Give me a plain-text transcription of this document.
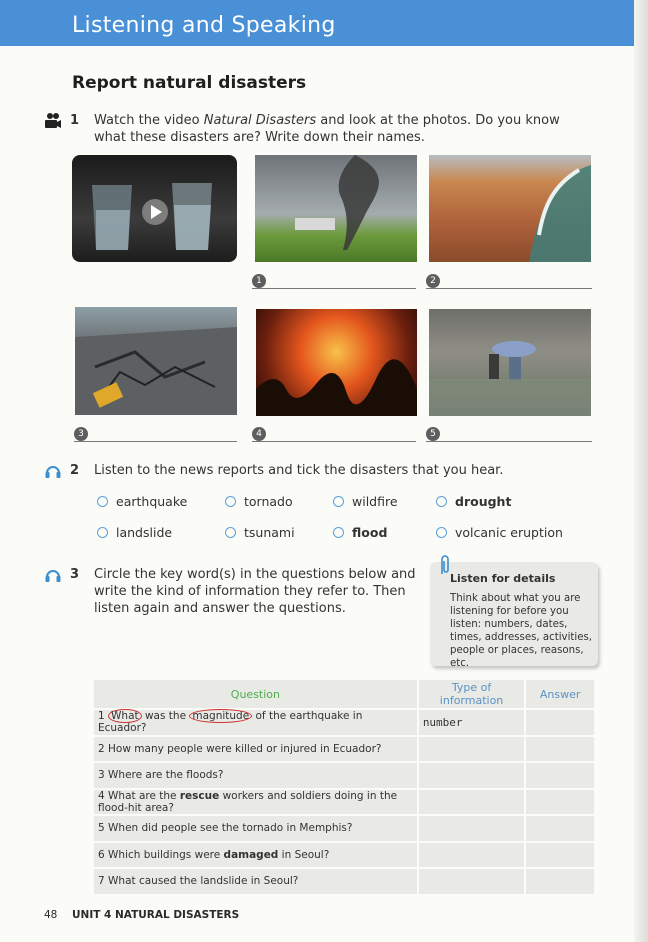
Listening and Speaking
Report natural disasters
1 Watch the video Natural Disasters and look at the photos. Do you know what these disasters are? Write down their names.
1	2
3	4	5
2 Listen to the news reports and tick the disasters that you hear.
earthquake	tornado	wildfire	drought
landslide	tsunami	flood	volcanic eruption
3 Circle the key word(s) in the questions below and write the kind of information they refer to. Then listen again and answer the questions.
Listen for details
Think about what you are listening for before you listen: numbers, dates, times, addresses, activities, people or places, reasons, etc.
Question	Type of information	Answer
1 What was the magnitude of the earthquake in Ecuador?	number	
2 How many people were killed or injured in Ecuador?		
3 Where are the floods?		
4 What are the rescue workers and soldiers doing in the flood-hit area?		
5 When did people see the tornado in Memphis?		
6 Which buildings were damaged in Seoul?		
7 What caused the landslide in Seoul?		
48 UNIT 4 NATURAL DISASTERS
